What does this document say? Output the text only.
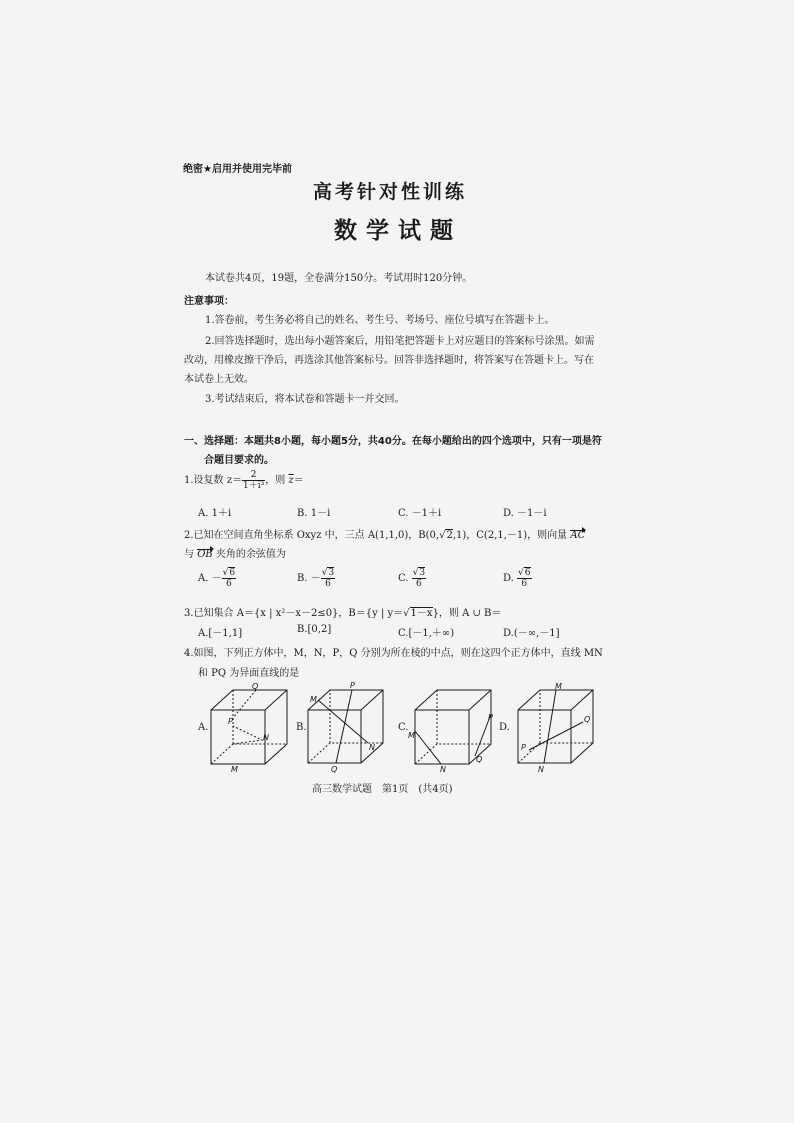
绝密★启用并使用完毕前
高考针对性训练
数学试题
本试卷共4页，19题，全卷满分150分。考试用时120分钟。
注意事项：
1.答卷前，考生务必将自己的姓名、考生号、考场号、座位号填写在答题卡上。
2.回答选择题时，选出每小题答案后，用铅笔把答题卡上对应题目的答案标号涂黑。如需
改动，用橡皮擦干净后，再选涂其他答案标号。回答非选择题时，将答案写在答题卡上。写在
本试卷上无效。
3.考试结束后，将本试卷和答题卡一并交回。
一、选择题：本题共8小题，每小题5分，共40分。在每小题给出的四个选项中，只有一项是符
合题目要求的。
1.设复数 $z= \frac{2}{\text{1＋i³}}$ ，则 $\overline{z}=$
A. 1＋i	B. 1－i	C. －1＋i	D. －1－i
2.已知在空间直角坐标系 Oxyz 中，三点 A(1,1,0)，B(0,√2,1)，C(2,1,－1)，则向量 AC
与 OB 夹角的余弦值为
A. － $\frac{√6}{6}$	B. － $\frac{√3}{6}$	C. $\frac{√3}{6}$	D. $\frac{√6}{6}$
3.已知集合 A＝{x | x²－x－2≤0}，B＝{y | y＝√1－x}，则 A ∪ B＝
A.[－1,1]	B.[0,2]	C.[－1,＋∞)	D.(－∞,－1]
4.如图，下列正方体中，M，N，P，Q 分别为所在棱的中点，则在这四个正方体中，直线 MN
和 PQ 为异面直线的是
A.	B.	C.	D.
Q
P
N
M
M
P
N
Q
M
P
N
Q
M
Q
P
N
高三数学试题　第1页　(共4页)
